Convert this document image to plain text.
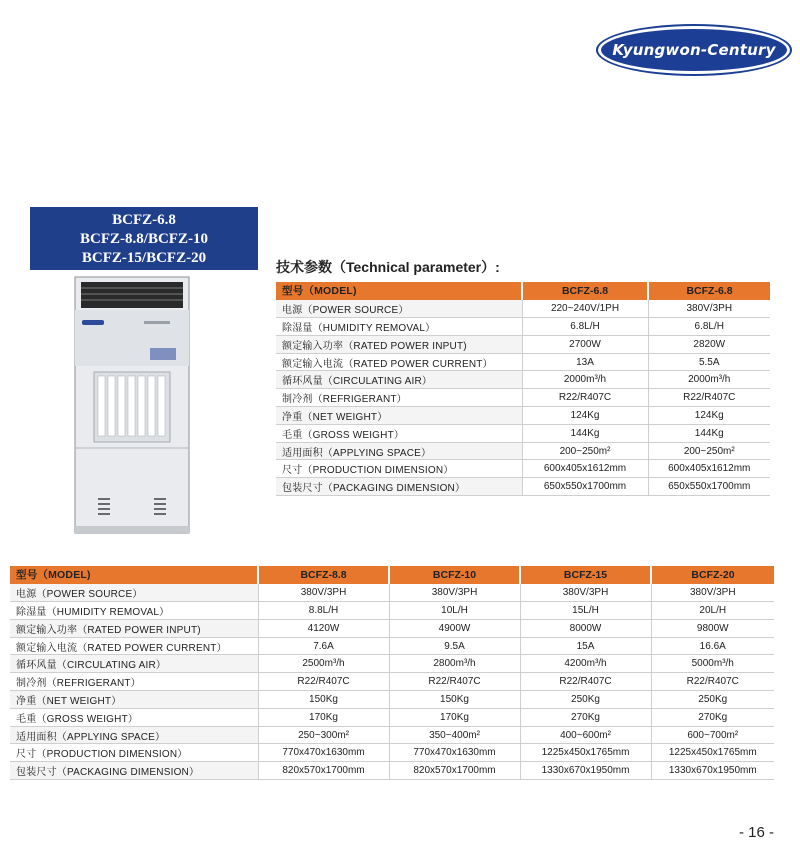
Kyungwon-Century
BCFZ-6.8
BCFZ-8.8/BCFZ-10
BCFZ-15/BCFZ-20
技术参数（Technical parameter）:
型号（MODEL)	BCFZ-6.8	BCFZ-6.8
电源（POWER SOURCE）	220~240V/1PH	380V/3PH
除湿量（HUMIDITY REMOVAL）	6.8L/H	6.8L/H
额定输入功率（RATED POWER INPUT)	2700W	2820W
额定输入电流（RATED POWER CURRENT）	13A	5.5A
循环风量（CIRCULATING AIR）	2000m³/h	2000m³/h
制冷剂（REFRIGERANT）	R22/R407C	R22/R407C
净重（NET WEIGHT）	124Kg	124Kg
毛重（GROSS WEIGHT）	144Kg	144Kg
适用面积（APPLYING SPACE）	200~250m²	200~250m²
尺寸（PRODUCTION DIMENSION）	600x405x1612mm	600x405x1612mm
包装尺寸（PACKAGING DIMENSION）	650x550x1700mm	650x550x1700mm
型号（MODEL)	BCFZ-8.8	BCFZ-10	BCFZ-15	BCFZ-20
电源（POWER SOURCE）	380V/3PH	380V/3PH	380V/3PH	380V/3PH
除湿量（HUMIDITY REMOVAL）	8.8L/H	10L/H	15L/H	20L/H
额定输入功率（RATED POWER INPUT)	4120W	4900W	8000W	9800W
额定输入电流（RATED POWER CURRENT）	7.6A	9.5A	15A	16.6A
循环风量（CIRCULATING AIR）	2500m³/h	2800m³/h	4200m³/h	5000m³/h
制冷剂（REFRIGERANT）	R22/R407C	R22/R407C	R22/R407C	R22/R407C
净重（NET WEIGHT）	150Kg	150Kg	250Kg	250Kg
毛重（GROSS WEIGHT）	170Kg	170Kg	270Kg	270Kg
适用面积（APPLYING SPACE）	250~300m²	350~400m²	400~600m²	600~700m²
尺寸（PRODUCTION DIMENSION）	770x470x1630mm	770x470x1630mm	1225x450x1765mm	1225x450x1765mm
包装尺寸（PACKAGING DIMENSION）	820x570x1700mm	820x570x1700mm	1330x670x1950mm	1330x670x1950mm
- 16 -
